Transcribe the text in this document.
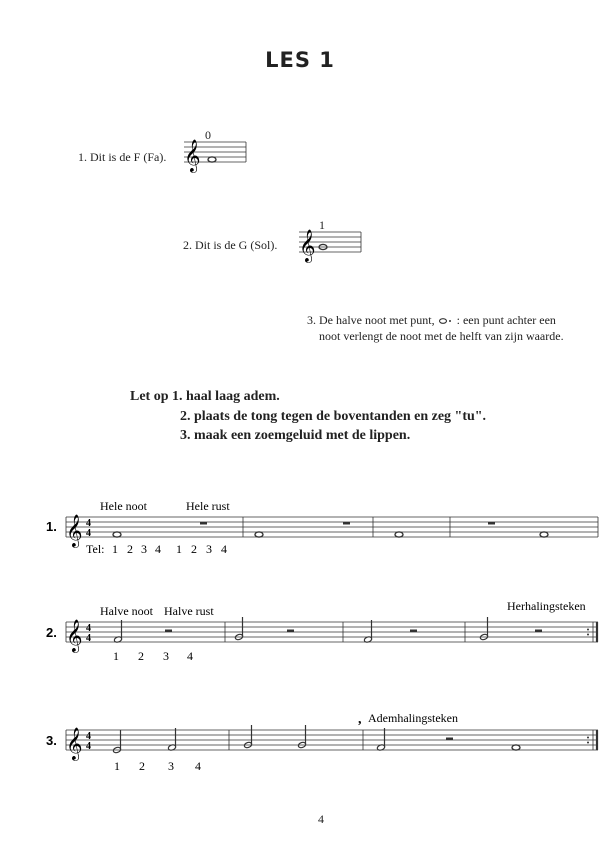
LES 1
1. Dit is de F (Fa).
0
𝄞
2. Dit is de G (Sol).
1
𝄞
3. De halve noot met punt, : een punt achter een
noot verlengt de noot met de helft van zijn waarde.
Let op 1. haal laag adem.
2. plaats de tong tegen de boventanden en zeg "tu".
3. maak een zoemgeluid met de lippen.
1.
Hele noot	Hele rust
𝄞 4
4
Tel: 1 2 3 4 1 2 3 4
2.
Halve noot Halve rust	Herhalingsteken
𝄞 4
4
1 2 3 4
3.
, Ademhalingsteken
𝄞 4
4
1 2 3 4
4
